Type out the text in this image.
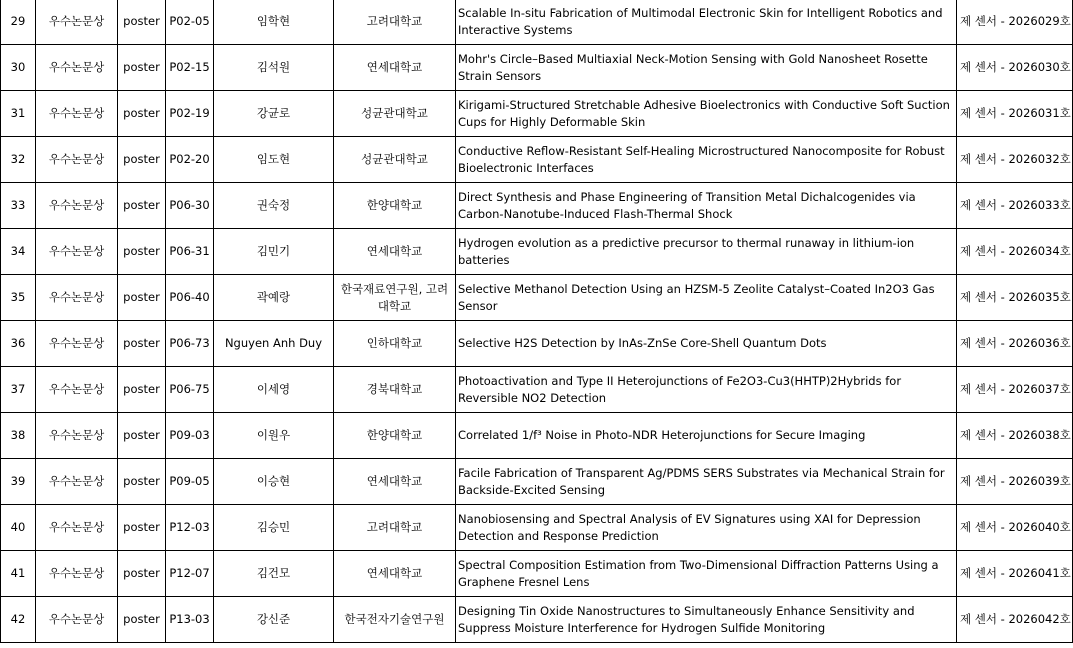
29	우수논문상	poster	P02-05	임학현	고려대학교	Scalable In-situ Fabrication of Multimodal Electronic Skin for Intelligent Robotics and Interactive Systems	제 센서 - 2026029호
30	우수논문상	poster	P02-15	김석원	연세대학교	Mohr's Circle–Based Multiaxial Neck-Motion Sensing with Gold Nanosheet Rosette Strain Sensors	제 센서 - 2026030호
31	우수논문상	poster	P02-19	강균로	성균관대학교	Kirigami-Structured Stretchable Adhesive Bioelectronics with Conductive Soft Suction Cups for Highly Deformable Skin	제 센서 - 2026031호
32	우수논문상	poster	P02-20	임도현	성균관대학교	Conductive Reflow-Resistant Self-Healing Microstructured Nanocomposite for Robust Bioelectronic Interfaces	제 센서 - 2026032호
33	우수논문상	poster	P06-30	권숙정	한양대학교	Direct Synthesis and Phase Engineering of Transition Metal Dichalcogenides via Carbon-Nanotube-Induced Flash-Thermal Shock	제 센서 - 2026033호
34	우수논문상	poster	P06-31	김민기	연세대학교	Hydrogen evolution as a predictive precursor to thermal runaway in lithium-ion batteries	제 센서 - 2026034호
35	우수논문상	poster	P06-40	곽예랑	한국재료연구원, 고려대학교	Selective Methanol Detection Using an HZSM-5 Zeolite Catalyst–Coated In2O3 Gas Sensor	제 센서 - 2026035호
36	우수논문상	poster	P06-73	Nguyen Anh Duy	인하대학교	Selective H2S Detection by InAs-ZnSe Core-Shell Quantum Dots	제 센서 - 2026036호
37	우수논문상	poster	P06-75	이세영	경북대학교	Photoactivation and Type II Heterojunctions of Fe2O3-Cu3(HHTP)2Hybrids for Reversible NO2 Detection	제 센서 - 2026037호
38	우수논문상	poster	P09-03	이원우	한양대학교	Correlated 1/f³ Noise in Photo-NDR Heterojunctions for Secure Imaging	제 센서 - 2026038호
39	우수논문상	poster	P09-05	이승현	연세대학교	Facile Fabrication of Transparent Ag/PDMS SERS Substrates via Mechanical Strain for Backside-Excited Sensing	제 센서 - 2026039호
40	우수논문상	poster	P12-03	김승민	고려대학교	Nanobiosensing and Spectral Analysis of EV Signatures using XAI for Depression Detection and Response Prediction	제 센서 - 2026040호
41	우수논문상	poster	P12-07	김건모	연세대학교	Spectral Composition Estimation from Two-Dimensional Diffraction Patterns Using a Graphene Fresnel Lens	제 센서 - 2026041호
42	우수논문상	poster	P13-03	강신준	한국전자기술연구원	Designing Tin Oxide Nanostructures to Simultaneously Enhance Sensitivity and Suppress Moisture Interference for Hydrogen Sulfide Monitoring	제 센서 - 2026042호
